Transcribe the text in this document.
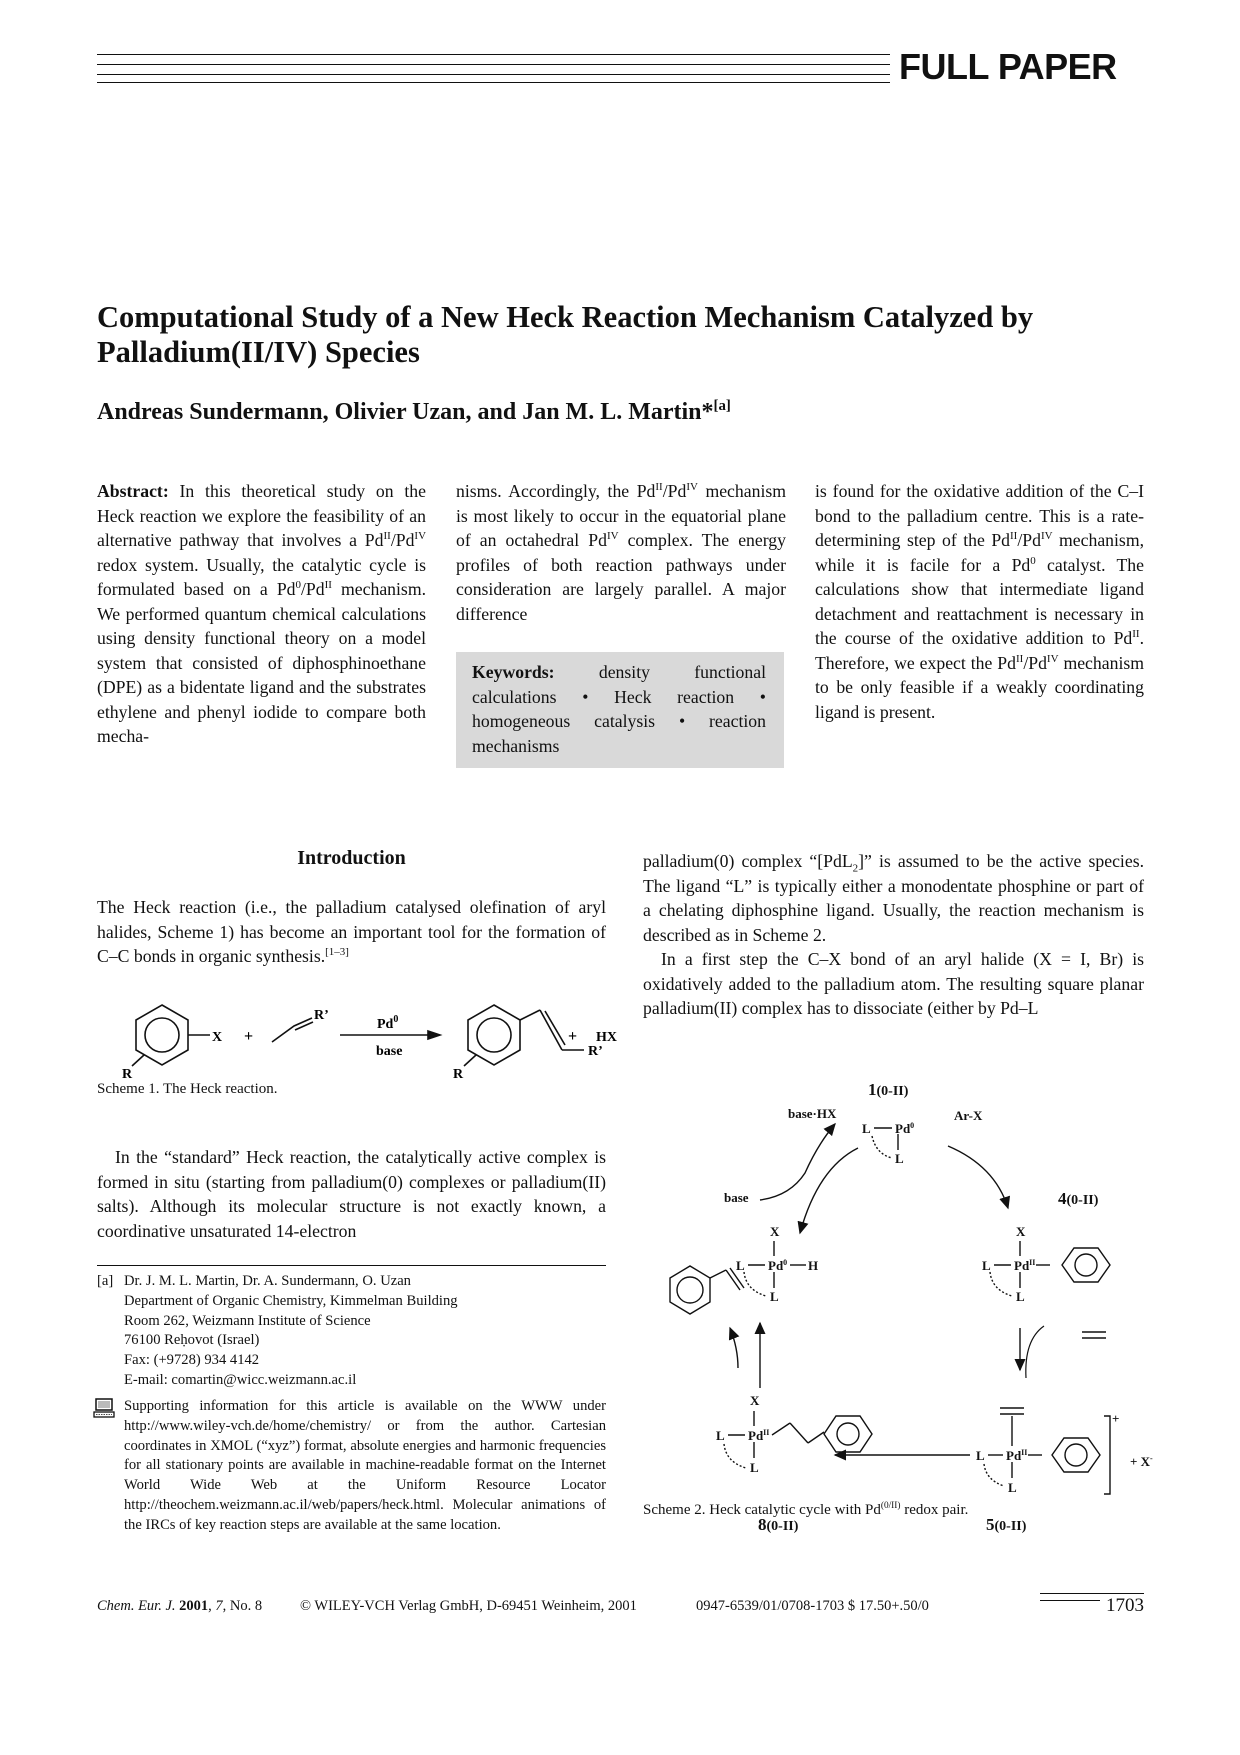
FULL PAPER
Computational Study of a New Heck Reaction Mechanism Catalyzed by
Palladium(II/IV) Species
Andreas Sundermann, Olivier Uzan, and Jan M. L. Martin*[a]
Abstract: In this theoretical study on the Heck reaction we explore the feasibility of an alternative pathway that involves a $Pd^{II}/Pd^{IV}$ redox system. Usually, the catalytic cycle is formulated based on a $Pd^0/Pd^{II}$ mechanism. We performed quantum chemical calculations using density functional theory on a model system that consisted of diphosphinoethane (DPE) as a bidentate ligand and the substrates ethylene and phenyl iodide to compare both mecha-
nisms. Accordingly, the $Pd^{II}/Pd^{IV}$ mechanism is most likely to occur in the equatorial plane of an octahedral $Pd^{IV}$ complex. The energy profiles of both reaction pathways under consideration are largely parallel. A major difference
Keywords:	density functional calculations • Heck reaction • homogeneous catalysis • reaction mechanisms
is found for the oxidative addition of the C–I bond to the palladium centre. This is a rate-determining step of the $Pd^{II}/Pd^{IV}$ mechanism, while it is facile for a Pd$^0$ catalyst. The calculations show that intermediate ligand detachment and reattachment is necessary in the course of the oxidative addition to $Pd^{II}$. Therefore, we expect the $Pd^{II}/Pd^{IV}$ mechanism to be only feasible if a weakly coordinating ligand is present.
Introduction
The Heck reaction (i.e., the palladium catalysed olefination of aryl halides, Scheme 1) has become an important tool for the formation of C–C bonds in organic synthesis.[1–3]
X
R
+
R’
Pd$^0$
base
R
R’
+ HX
Scheme 1. The Heck reaction.
In the “standard” Heck reaction, the catalytically active complex is formed in situ (starting from palladium(0) complexes or palladium(II) salts). Although its molecular structure is not exactly known, a coordinative unsaturated 14-electron
[a] Dr. J. M. L. Martin, Dr. A. Sundermann, O. Uzan
Department of Organic Chemistry, Kimmelman Building
Room 262, Weizmann Institute of Science
76100 Reḥovot (Israel)
Fax: (+9728) 934 4142
E-mail: comartin@wicc.weizmann.ac.il
Supporting information for this article is available on the WWW under http://www.wiley-vch.de/home/chemistry/ or from the author. Cartesian coordinates in XMOL (“xyz”) format, absolute energies and harmonic frequencies for all stationary points are available in machine-readable format on the Internet World Wide Web at the Uniform Resource Locator http://theochem.weizmann.ac.il/web/papers/heck.html. Molecular animations of the IRCs of key reaction steps are available at the same location.
palladium(0) complex “[PdL$_2$]” is assumed to be the active species. The ligand “L” is typically either a monodentate phosphine or part of a chelating diphosphine ligand. Usually, the reaction mechanism is described as in Scheme 2.
In a first step the C–X bond of an aryl halide (X = I, Br) is oxidatively added to the palladium atom. The resulting square planar palladium(II) complex has to dissociate (either by Pd–L
1(0-II)
4(0-II)
8(0-II)	5(0-II)
L Pd$^0$
L
base·HX	Ar-X
base
X
L Pd$^0$ H
L
X
L $Pd^{II}$
L
X
L $Pd^{II}$
L
L $Pd^{II}$
L
+
+ X-
Scheme 2. Heck catalytic cycle with $Pd^{(0/II)}$ redox pair.
Chem. Eur. J. 2001, 7, No. 8	© WILEY-VCH Verlag GmbH, D-69451 Weinheim, 2001	0947-6539/01/0708-1703 $ 17.50+.50/0	1703
